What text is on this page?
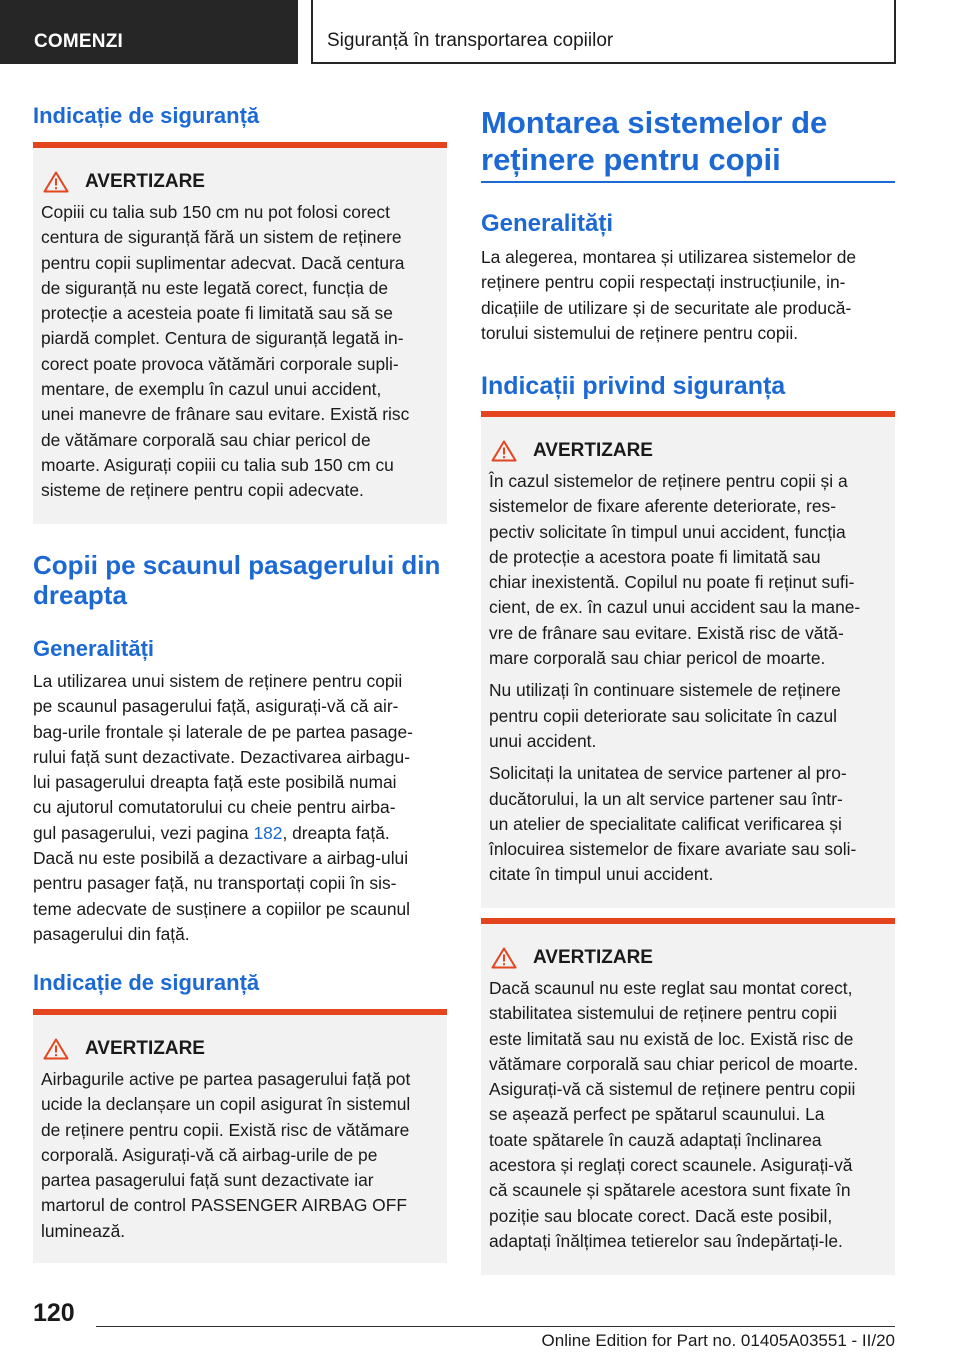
COMENZI	Siguranță în transportarea copiilor
Indicație de siguranță
AVERTIZARE

Copiii cu talia sub 150 cm nu pot folosi corect
centura de siguranță fără un sistem de reținere
pentru copii suplimentar adecvat. Dacă centura
de siguranță nu este legată corect, funcția de
protecție a acesteia poate fi limitată sau să se
piardă complet. Centura de siguranță legată in-
corect poate provoca vătămări corporale supli-
mentare, de exemplu în cazul unui accident,
unei manevre de frânare sau evitare. Există risc
de vătămare corporală sau chiar pericol de
moarte. Asigurați copiii cu talia sub 150 cm cu
sisteme de reținere pentru copii adecvate.

Copii pe scaunul pasagerului din
dreapta
Generalități
La utilizarea unui sistem de reținere pentru copii
pe scaunul pasagerului față, asigurați-vă că air-
bag-urile frontale și laterale de pe partea pasage-
rului față sunt dezactivate. Dezactivarea airbagu-
lui pasagerului dreapta față este posibilă numai
cu ajutorul comutatorului cu cheie pentru airba-
gul pasagerului, vezi pagina 182, dreapta față.
Dacă nu este posibilă a dezactivare a airbag-ului
pentru pasager față, nu transportați copii în sis-
teme adecvate de susținere a copiilor pe scaunul
pasagerului din față.

Indicație de siguranță
AVERTIZARE

Airbagurile active pe partea pasagerului față pot
ucide la declanșare un copil asigurat în sistemul
de reținere pentru copii. Există risc de vătămare
corporală. Asigurați-vă că airbag-urile de pe
partea pasagerului față sunt dezactivate iar
martorul de control PASSENGER AIRBAG OFF
luminează.

Montarea sistemelor de
reținere pentru copii
Generalități
La alegerea, montarea și utilizarea sistemelor de
reținere pentru copii respectați instrucțiunile, in-
dicațiile de utilizare și de securitate ale producă-
torului sistemului de reținere pentru copii.

Indicații privind siguranța
AVERTIZARE

În cazul sistemelor de reținere pentru copii și a
sistemelor de fixare aferente deteriorate, res-
pectiv solicitate în timpul unui accident, funcția
de protecție a acestora poate fi limitată sau
chiar inexistentă. Copilul nu poate fi reținut sufi-
cient, de ex. în cazul unui accident sau la mane-
vre de frânare sau evitare. Există risc de vătă-
mare corporală sau chiar pericol de moarte.

Nu utilizați în continuare sistemele de reținere
pentru copii deteriorate sau solicitate în cazul
unui accident.

Solicitați la unitatea de service partener al pro-
ducătorului, la un alt service partener sau într-
un atelier de specialitate calificat verificarea și
înlocuirea sistemelor de fixare avariate sau soli-
citate în timpul unui accident.

AVERTIZARE

Dacă scaunul nu este reglat sau montat corect,
stabilitatea sistemului de reținere pentru copii
este limitată sau nu există de loc. Există risc de
vătămare corporală sau chiar pericol de moarte.
Asigurați-vă că sistemul de reținere pentru copii
se așează perfect pe spătarul scaunului. La
toate spătarele în cauză adaptați înclinarea
acestora și reglați corect scaunele. Asigurați-vă
că scaunele și spătarele acestora sunt fixate în
poziție sau blocate corect. Dacă este posibil,
adaptați înălțimea tetierelor sau îndepărtați-le.

120
Online Edition for Part no. 01405A03551 - II/20
